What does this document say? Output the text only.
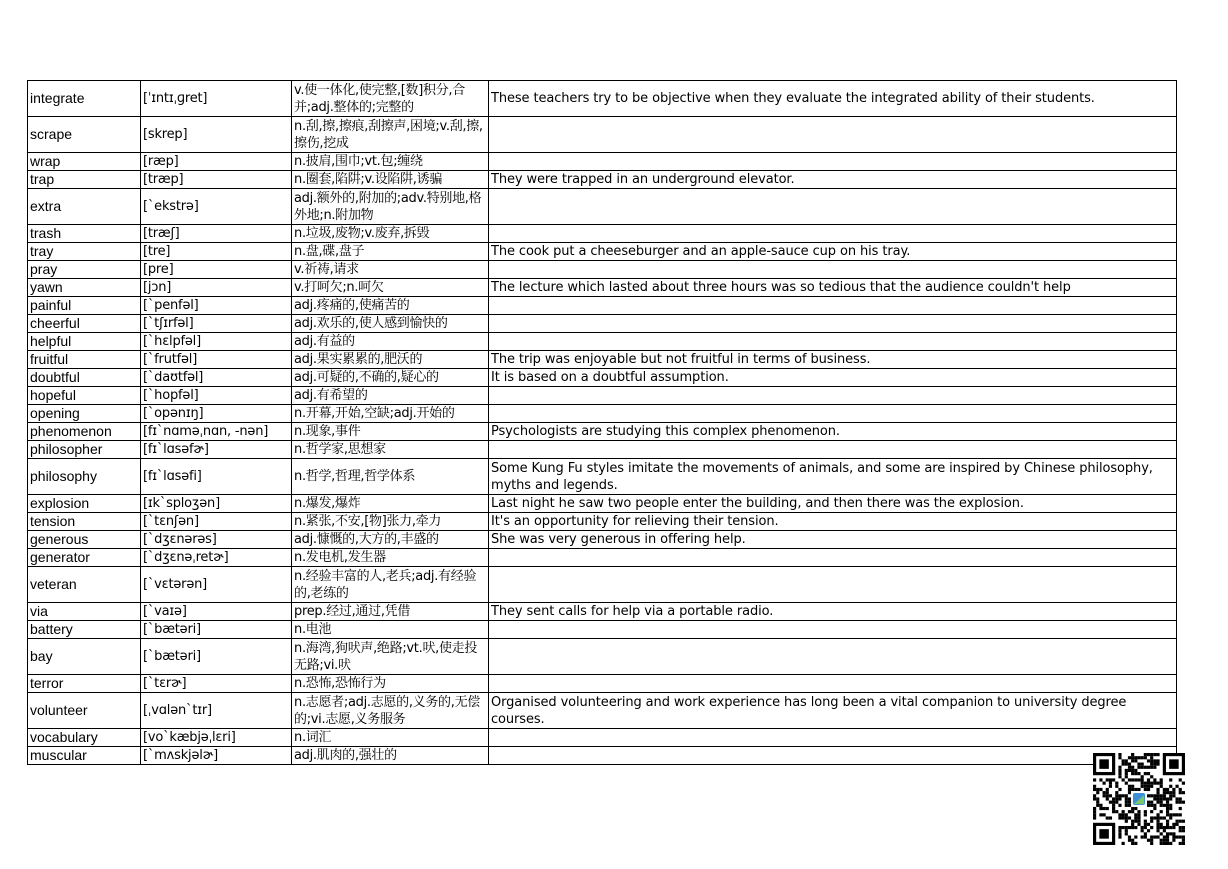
integrate	[ˈɪntɪˌɡret]	v.使一体化,使完整,[数]积分,合并;adj.整体的;完整的	These teachers try to be objective when they evaluate the integrated ability of their students.
scrape	[skrep]	n.刮,擦,擦痕,刮擦声,困境;v.刮,擦,擦伤,挖成	
wrap	[ræp]	n.披肩,围巾;vt.包;缠绕	
trap	[træp]	n.圈套,陷阱;v.设陷阱,诱骗	They were trapped in an underground elevator.
extra	[ˋekstrə]	adj.额外的,附加的;adv.特别地,格外地;n.附加物	
trash	[træʃ]	n.垃圾,废物;v.废弃,拆毁	
tray	[tre]	n.盘,碟,盘子	The cook put a cheeseburger and an apple-sauce cup on his tray.
pray	[pre]	v.祈祷,请求	
yawn	[jɔn]	v.打呵欠;n.呵欠	The lecture which lasted about three hours was so tedious that the audience couldn't help
painful	[ˋpenfəl]	adj.疼痛的,使痛苦的	
cheerful	[ˋtʃɪrfəl]	adj.欢乐的,使人感到愉快的	
helpful	[ˋhɛlpfəl]	adj.有益的	
fruitful	[ˋfrutfəl]	adj.果实累累的,肥沃的	The trip was enjoyable but not fruitful in terms of business.
doubtful	[ˋdaʊtfəl]	adj.可疑的,不确的,疑心的	It is based on a doubtful assumption.
hopeful	[ˋhopfəl]	adj.有希望的	
opening	[ˋopənɪŋ]	n.开幕,开始,空缺;adj.开始的	
phenomenon	[fɪˋnɑməˌnɑn, -nən]	n.现象,事件	Psychologists are studying this complex phenomenon.
philosopher	[fɪˋlɑsəfɚ]	n.哲学家,思想家	
philosophy	[fɪˋlɑsəfi]	n.哲学,哲理,哲学体系	Some Kung Fu styles imitate the movements of animals, and some are inspired by Chinese philosophy, myths and legends.
explosion	[ɪkˋsploʒən]	n.爆发,爆炸	Last night he saw two people enter the building, and then there was the explosion.
tension	[ˋtɛnʃən]	n.紧张,不安,[物]张力,牵力	It's an opportunity for relieving their tension.
generous	[ˋdʒɛnərəs]	adj.慷慨的,大方的,丰盛的	She was very generous in offering help.
generator	[ˋdʒɛnəˌretɚ]	n.发电机,发生器	
veteran	[ˋvɛtərən]	n.经验丰富的人,老兵;adj.有经验的,老练的	
via	[ˋvaɪə]	prep.经过,通过,凭借	They sent calls for help via a portable radio.
battery	[ˋbætəri]	n.电池	
bay	[ˋbætəri]	n.海湾,狗吠声,绝路;vt.吠,使走投无路;vi.吠	
terror	[ˋtɛrɚ]	n.恐怖,恐怖行为	
volunteer	[ˌvɑlənˋtɪr]	n.志愿者;adj.志愿的,义务的,无偿的;vi.志愿,义务服务	Organised volunteering and work experience has long been a vital companion to university degree courses.
vocabulary	[voˋkæbjəˌlɛri]	n.词汇	
muscular	[ˋmʌskjəlɚ]	adj.肌肉的,强壮的	
